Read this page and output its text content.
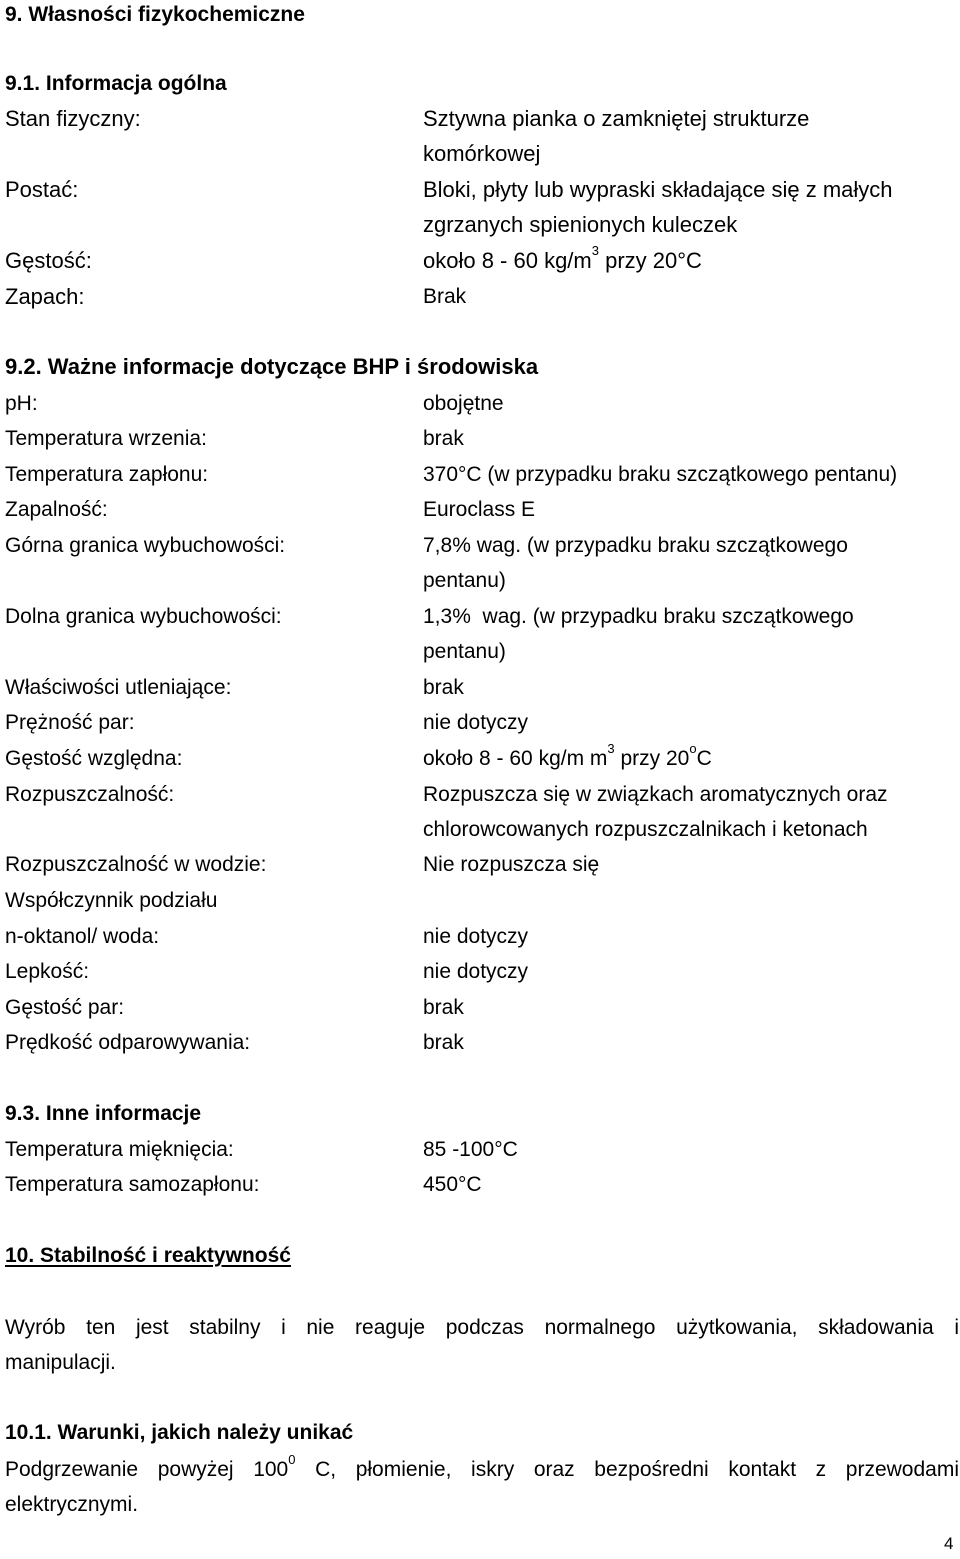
9. Własności fizykochemiczne
9.1. Informacja ogólna
Stan fizyczny:	Sztywna pianka o zamkniętej strukturze
komórkowej
Postać:	Bloki, płyty lub wypraski składające się z małych
zgrzanych spienionych kuleczek
Gęstość:	około 8 - 60 $kg/m^3$ przy 20°C
Zapach:	Brak
9.2. Ważne informacje dotyczące BHP i środowiska
pH:	obojętne
Temperatura wrzenia:	brak
Temperatura zapłonu:	370°C (w przypadku braku szczątkowego pentanu)
Zapalność:	Euroclass E
Górna granica wybuchowości:	7,8% wag. (w przypadku braku szczątkowego
pentanu)
Dolna granica wybuchowości:	1,3%  wag. (w przypadku braku szczątkowego
pentanu)
Właściwości utleniające:	brak
Prężność par:	nie dotyczy
Gęstość względna:	około 8 - 60 kg/m $m^3$ przy 20$^o$C
Rozpuszczalność:	Rozpuszcza się w związkach aromatycznych oraz
chlorowcowanych rozpuszczalnikach i ketonach
Rozpuszczalność w wodzie:	Nie rozpuszcza się
Współczynnik podziału
n-oktanol/ woda:	nie dotyczy
Lepkość:	nie dotyczy
Gęstość par:	brak
Prędkość odparowywania:	brak
9.3. Inne informacje
Temperatura mięknięcia:	85 -100°C
Temperatura samozapłonu:	450°C
10. Stabilność i reaktywność
Wyrób ten jest stabilny i nie reaguje podczas normalnego użytkowania, składowania i
manipulacji.
10.1. Warunki, jakich należy unikać
Podgrzewanie powyżej $100^0$ C, płomienie, iskry oraz bezpośredni kontakt z przewodami
elektrycznymi.
4
